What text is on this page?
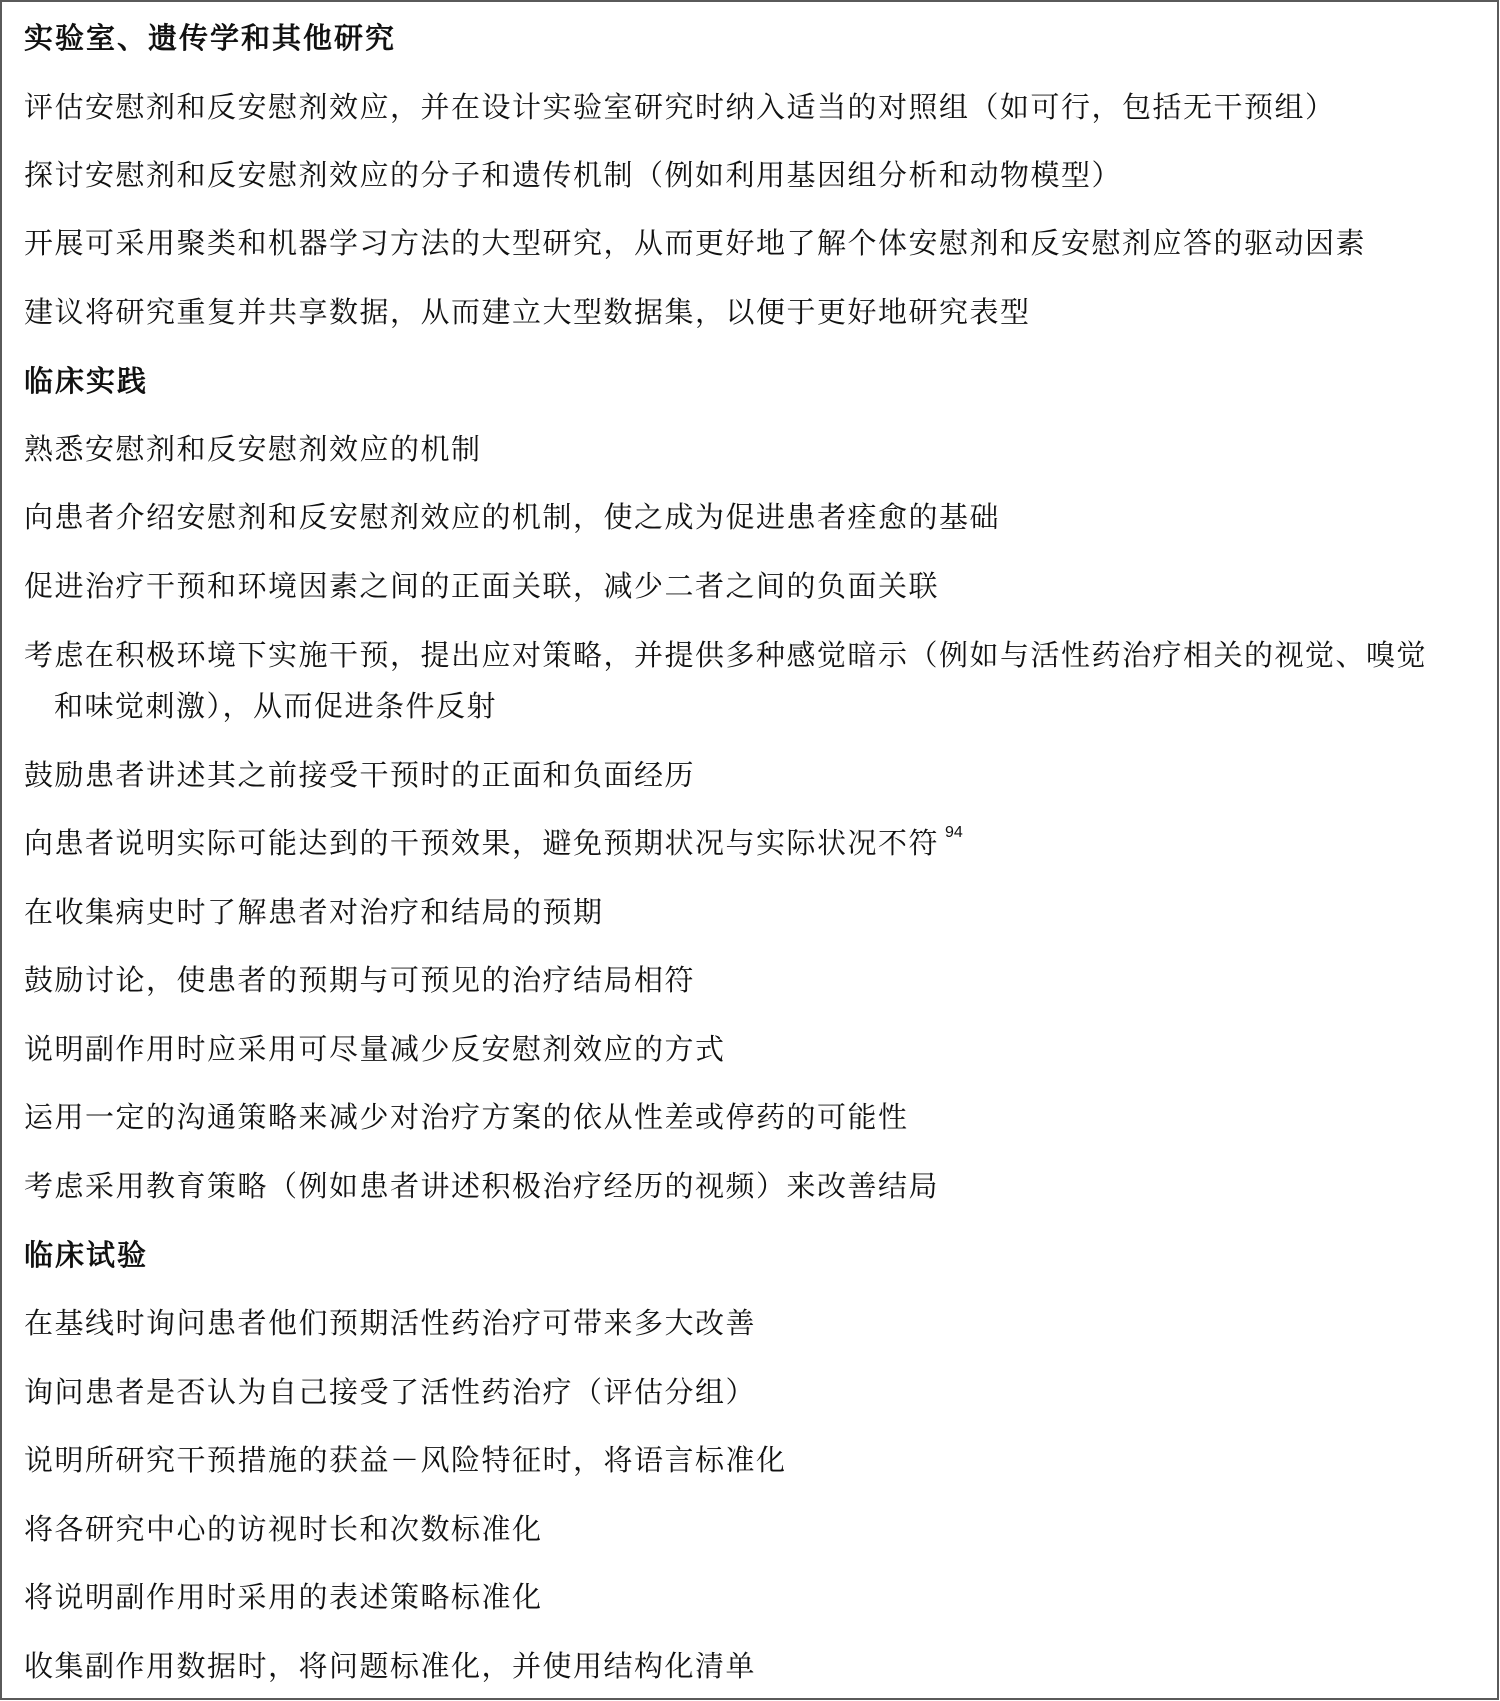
实验室、遗传学和其他研究
评估安慰剂和反安慰剂效应，并在设计实验室研究时纳入适当的对照组（如可行，包括无干预组）
探讨安慰剂和反安慰剂效应的分子和遗传机制（例如利用基因组分析和动物模型）
开展可采用聚类和机器学习方法的大型研究，从而更好地了解个体安慰剂和反安慰剂应答的驱动因素
建议将研究重复并共享数据，从而建立大型数据集，以便于更好地研究表型
临床实践
熟悉安慰剂和反安慰剂效应的机制
向患者介绍安慰剂和反安慰剂效应的机制，使之成为促进患者痊愈的基础
促进治疗干预和环境因素之间的正面关联，减少二者之间的负面关联
考虑在积极环境下实施干预，提出应对策略，并提供多种感觉暗示（例如与活性药治疗相关的视觉、嗅觉
和味觉刺激），从而促进条件反射
鼓励患者讲述其之前接受干预时的正面和负面经历
向患者说明实际可能达到的干预效果，避免预期状况与实际状况不符 $^{94}$
在收集病史时了解患者对治疗和结局的预期
鼓励讨论，使患者的预期与可预见的治疗结局相符
说明副作用时应采用可尽量减少反安慰剂效应的方式
运用一定的沟通策略来减少对治疗方案的依从性差或停药的可能性
考虑采用教育策略（例如患者讲述积极治疗经历的视频）来改善结局
临床试验
在基线时询问患者他们预期活性药治疗可带来多大改善
询问患者是否认为自己接受了活性药治疗（评估分组）
说明所研究干预措施的获益－风险特征时，将语言标准化
将各研究中心的访视时长和次数标准化
将说明副作用时采用的表述策略标准化
收集副作用数据时，将问题标准化，并使用结构化清单
